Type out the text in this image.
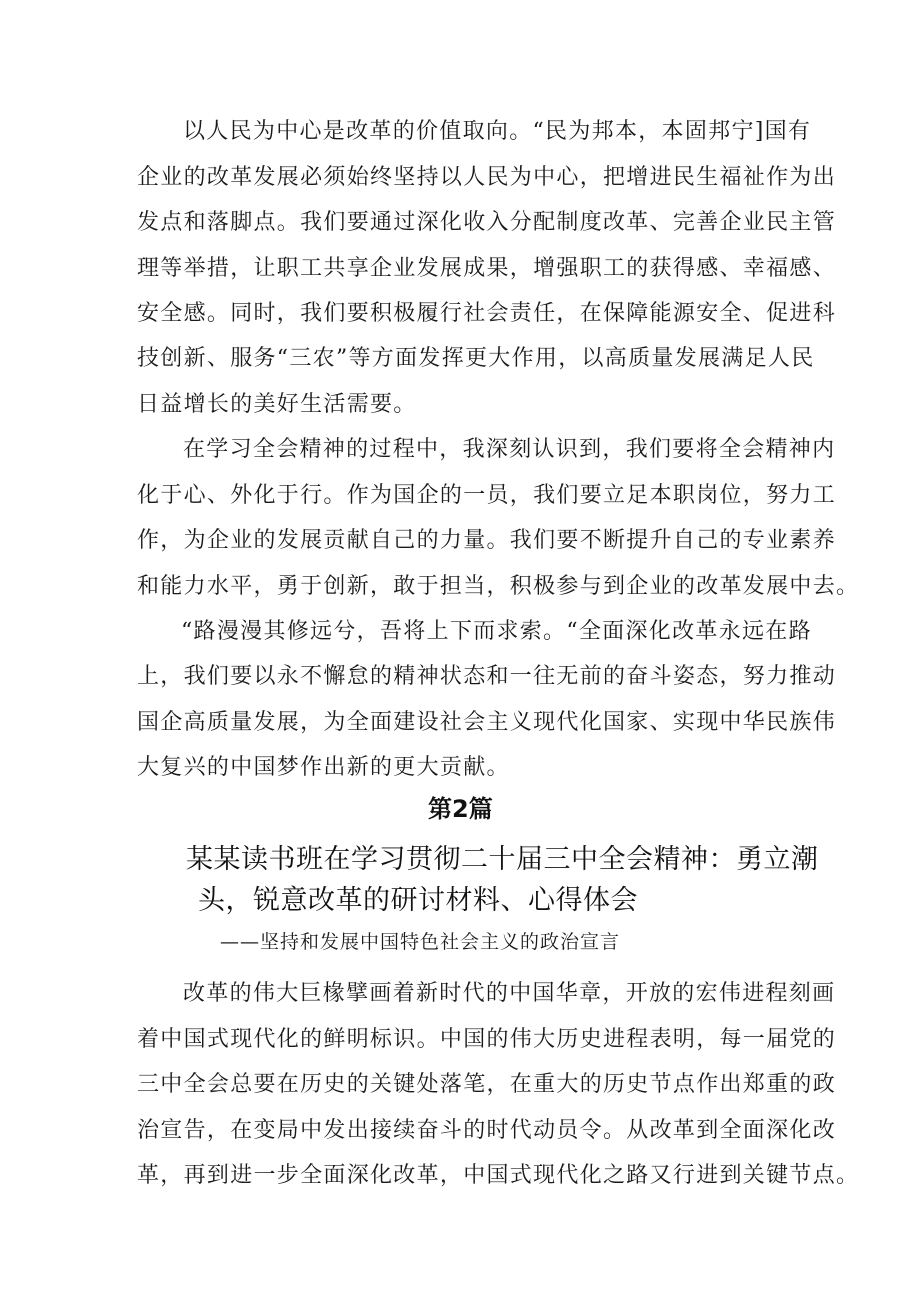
以人民为中心是改革的价值取向。“民为邦本，本固邦宁]国有
企业的改革发展必须始终坚持以人民为中心，把增进民生福祉作为出
发点和落脚点。我们要通过深化收入分配制度改革、完善企业民主管
理等举措，让职工共享企业发展成果，增强职工的获得感、幸福感、
安全感。同时，我们要积极履行社会责任，在保障能源安全、促进科
技创新、服务“三农”等方面发挥更大作用，以高质量发展满足人民
日益增长的美好生活需要。
在学习全会精神的过程中，我深刻认识到，我们要将全会精神内
化于心、外化于行。作为国企的一员，我们要立足本职岗位，努力工
作，为企业的发展贡献自己的力量。我们要不断提升自己的专业素养
和能力水平，勇于创新，敢于担当，积极参与到企业的改革发展中去。
“路漫漫其修远兮，吾将上下而求索。“全面深化改革永远在路
上，我们要以永不懈怠的精神状态和一往无前的奋斗姿态，努力推动
国企高质量发展，为全面建设社会主义现代化国家、实现中华民族伟
大复兴的中国梦作出新的更大贡献。
第2篇
某某读书班在学习贯彻二十届三中全会精神：勇立潮
头，锐意改革的研讨材料、心得体会
——坚持和发展中国特色社会主义的政治宣言
改革的伟大巨椽擘画着新时代的中国华章，开放的宏伟进程刻画
着中国式现代化的鲜明标识。中国的伟大历史进程表明，每一届党的
三中全会总要在历史的关键处落笔，在重大的历史节点作出郑重的政
治宣告，在变局中发出接续奋斗的时代动员令。从改革到全面深化改
革，再到进一步全面深化改革，中国式现代化之路又行进到关键节点。
